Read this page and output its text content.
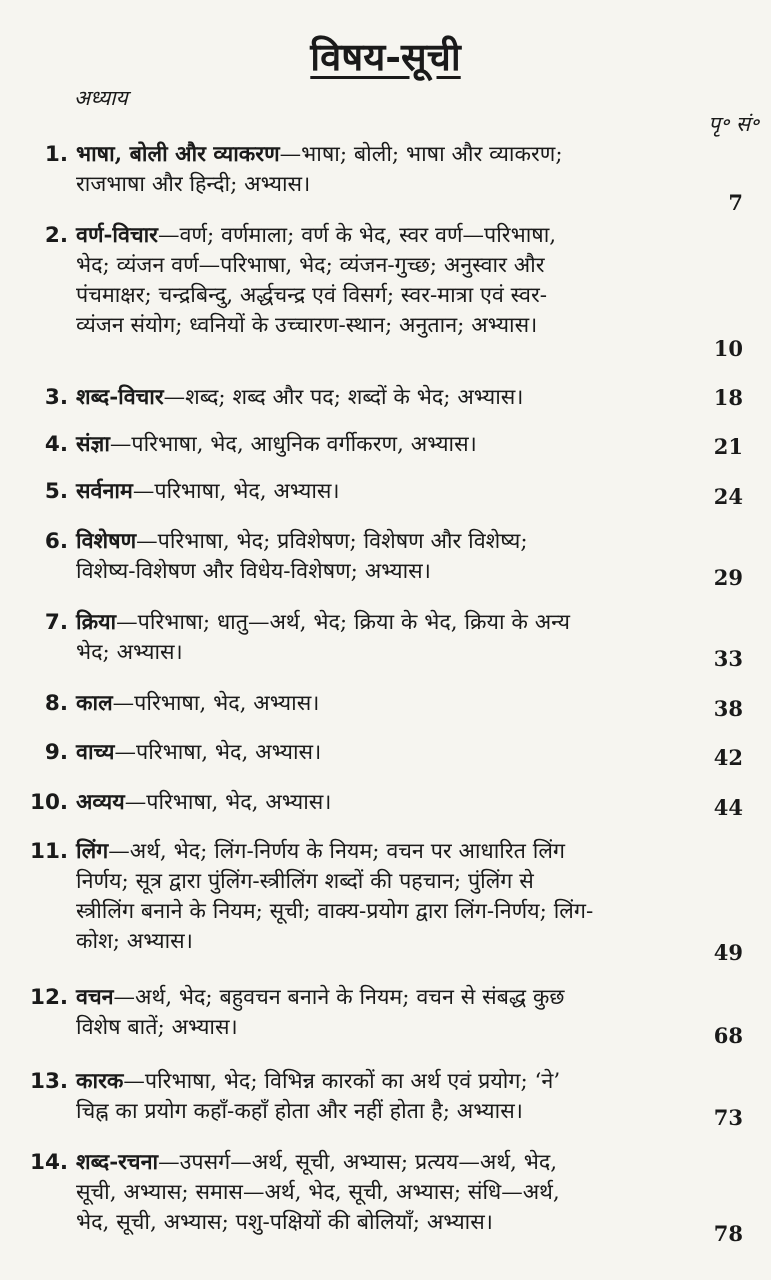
विषय-सूची
अध्याय
पृ॰ सं॰
1. भाषा, बोली और व्याकरण—भाषा; बोली; भाषा और व्याकरण;
राजभाषा और हिन्दी; अभ्यास।
2. वर्ण-विचार—वर्ण; वर्णमाला; वर्ण के भेद, स्वर वर्ण—परिभाषा,
भेद; व्यंजन वर्ण—परिभाषा, भेद; व्यंजन-गुच्छ; अनुस्वार और
पंचमाक्षर; चन्द्रबिन्दु, अर्द्धचन्द्र एवं विसर्ग; स्वर-मात्रा एवं स्वर-
व्यंजन संयोग; ध्वनियों के उच्चारण-स्थान; अनुतान; अभ्यास।
3. शब्द-विचार—शब्द; शब्द और पद; शब्दों के भेद; अभ्यास।
4. संज्ञा—परिभाषा, भेद, आधुनिक वर्गीकरण, अभ्यास।
5. सर्वनाम—परिभाषा, भेद, अभ्यास।
6. विशेषण—परिभाषा, भेद; प्रविशेषण; विशेषण और विशेष्य;
विशेष्य-विशेषण और विधेय-विशेषण; अभ्यास।
7. क्रिया—परिभाषा; धातु—अर्थ, भेद; क्रिया के भेद, क्रिया के अन्य
भेद; अभ्यास।
8. काल—परिभाषा, भेद, अभ्यास।
9. वाच्य—परिभाषा, भेद, अभ्यास।
10. अव्यय—परिभाषा, भेद, अभ्यास।
11. लिंग—अर्थ, भेद; लिंग-निर्णय के नियम; वचन पर आधारित लिंग
निर्णय; सूत्र द्वारा पुंलिंग-स्त्रीलिंग शब्दों की पहचान; पुंलिंग से
स्त्रीलिंग बनाने के नियम; सूची; वाक्य-प्रयोग द्वारा लिंग-निर्णय; लिंग-
कोश; अभ्यास।
12. वचन—अर्थ, भेद; बहुवचन बनाने के नियम; वचन से संबद्ध कुछ
विशेष बातें; अभ्यास।
13. कारक—परिभाषा, भेद; विभिन्न कारकों का अर्थ एवं प्रयोग; ‘ने’
चिह्न का प्रयोग कहाँ-कहाँ होता और नहीं होता है; अभ्यास।
14. शब्द-रचना—उपसर्ग—अर्थ, सूची, अभ्यास; प्रत्यय—अर्थ, भेद,
सूची, अभ्यास; समास—अर्थ, भेद, सूची, अभ्यास; संधि—अर्थ,
भेद, सूची, अभ्यास; पशु-पक्षियों की बोलियाँ; अभ्यास।
7
10
18
21
24
29
33
38
42
44
49
68
73
78
